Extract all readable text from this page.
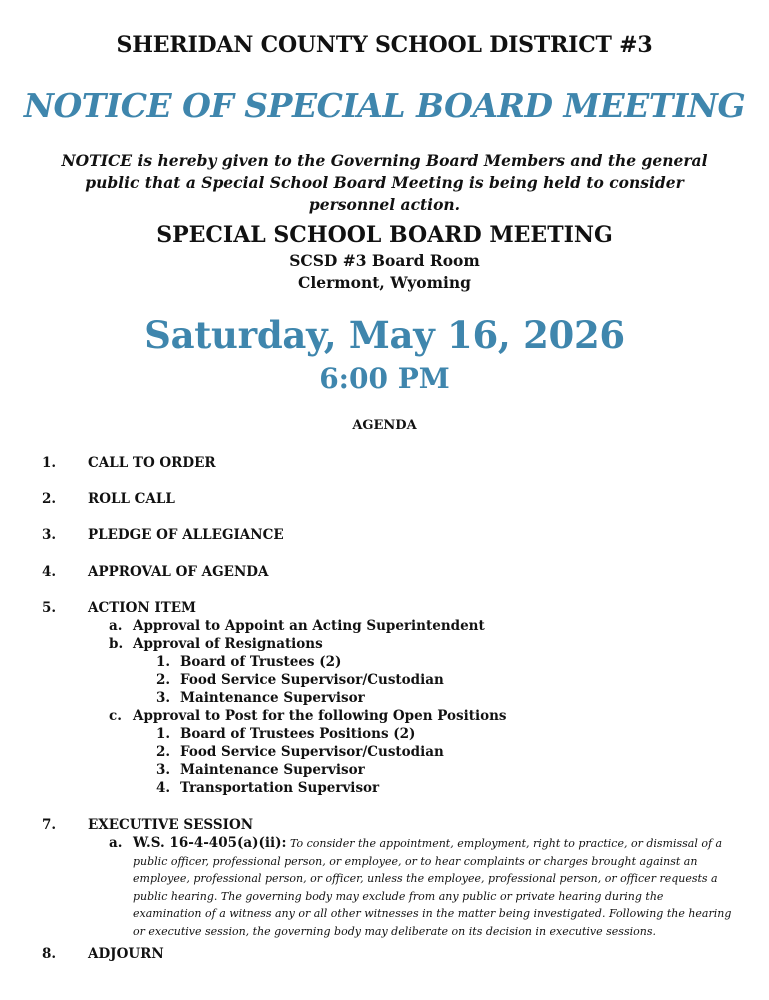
SHERIDAN COUNTY SCHOOL DISTRICT #3
NOTICE OF SPECIAL BOARD MEETING
NOTICE is hereby given to the Governing Board Members and the general public that a Special School Board Meeting is being held to consider personnel action.
SPECIAL SCHOOL BOARD MEETING
SCSD #3 Board Room
Clermont, Wyoming
Saturday, May 16, 2026
6:00 PM
AGENDA
1. CALL TO ORDER
2. ROLL CALL
3. PLEDGE OF ALLEGIANCE
4. APPROVAL OF AGENDA
5. ACTION ITEM
a. Approval to Appoint an Acting Superintendent
b. Approval of Resignations
1. Board of Trustees (2)
2. Food Service Supervisor/Custodian
3. Maintenance Supervisor
c. Approval to Post for the following Open Positions
1. Board of Trustees Positions (2)
2. Food Service Supervisor/Custodian
3. Maintenance Supervisor
4. Transportation Supervisor
7. EXECUTIVE SESSION
a. W.S. 16-4-405(a)(ii): To consider the appointment, employment, right to practice, or dismissal of a public officer, professional person, or employee, or to hear complaints or charges brought against an employee, professional person, or officer, unless the employee, professional person, or officer requests a public hearing. The governing body may exclude from any public or private hearing during the examination of a witness any or all other witnesses in the matter being investigated. Following the hearing or executive session, the governing body may deliberate on its decision in executive sessions.
8. ADJOURN
